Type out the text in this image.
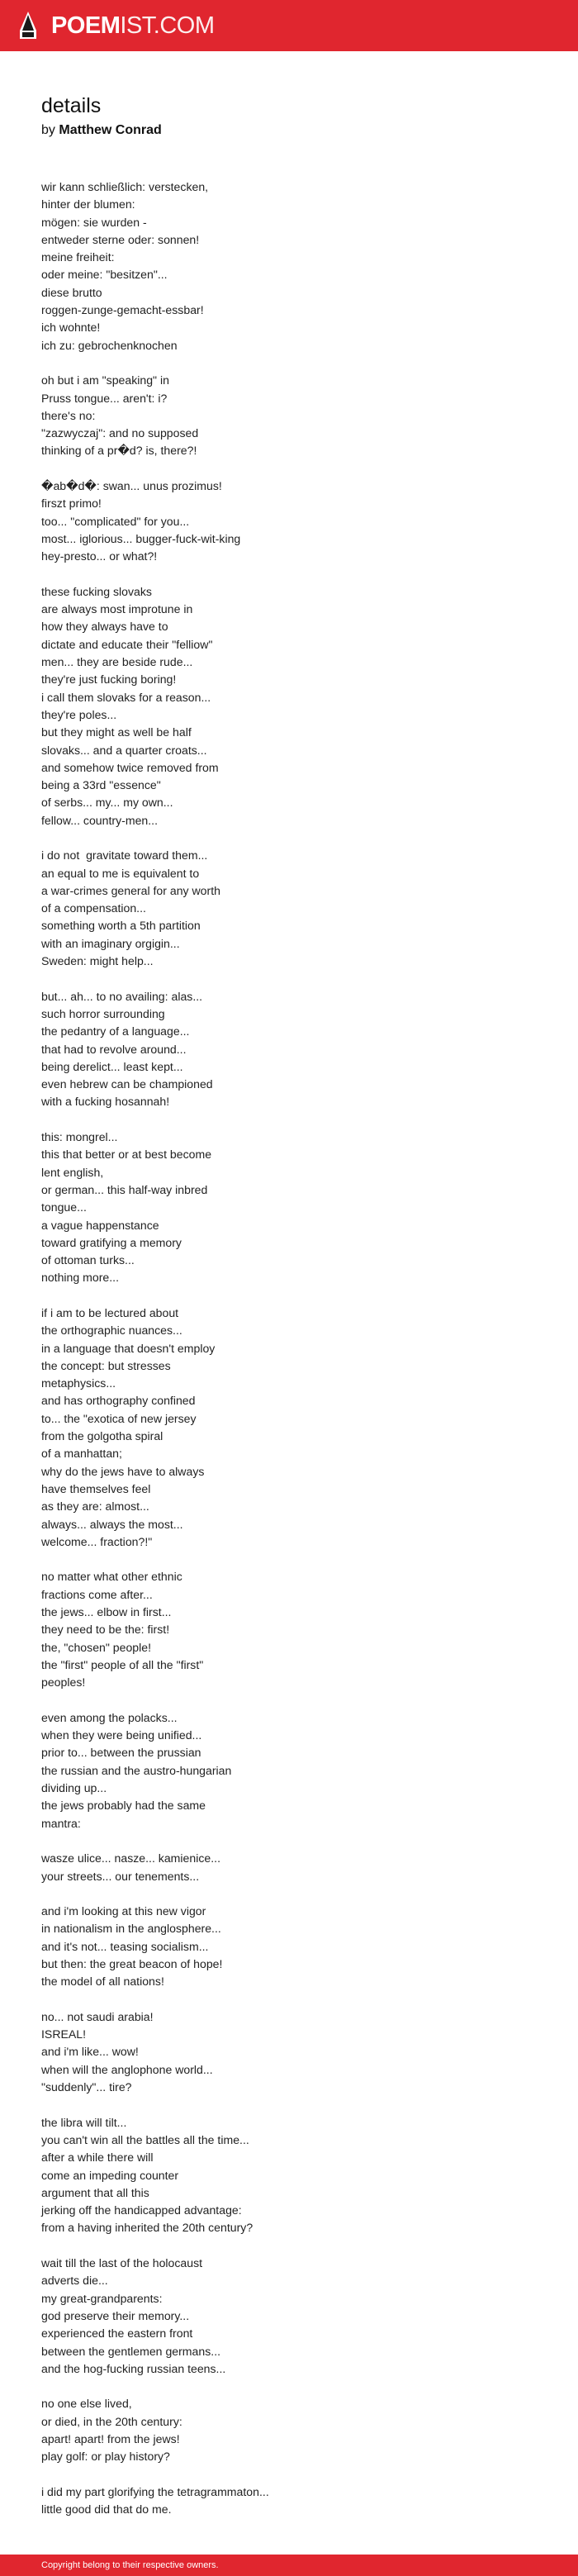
POEMIST.COM
details
by Matthew Conrad
wir kann schließlich: verstecken,
hinter der blumen:
mögen: sie wurden -
entweder sterne oder: sonnen!
meine freiheit:
oder meine: "besitzen"...
diese brutto
roggen-zunge-gemacht-essbar!
ich wohnte!
ich zu: gebrochenknochen
oh but i am "speaking" in
Pruss tongue... aren't: i?
there's no:
"zazwyczaj": and no supposed
thinking of a pr�d? is, there?!
�ab�d�: swan... unus prozimus!
firszt primo!
too... "complicated" for you...
most... iglorious... bugger-fuck-wit-king
hey-presto... or what?!
these fucking slovaks
are always most improtune in
how they always have to
dictate and educate their "felliow"
men... they are beside rude...
they're just fucking boring!
i call them slovaks for a reason...
they're poles...
but they might as well be half
slovaks... and a quarter croats...
and somehow twice removed from
being a 33rd "essence"
of serbs... my... my own...
fellow... country-men...
i do not  gravitate toward them...
an equal to me is equivalent to
a war-crimes general for any worth
of a compensation...
something worth a 5th partition
with an imaginary orgigin...
Sweden: might help...
but... ah... to no availing: alas...
such horror surrounding
the pedantry of a language...
that had to revolve around...
being derelict... least kept...
even hebrew can be championed
with a fucking hosannah!
this: mongrel...
this that better or at best become
lent english,
or german... this half-way inbred
tongue...
a vague happenstance
toward gratifying a memory
of ottoman turks...
nothing more...
if i am to be lectured about
the orthographic nuances...
in a language that doesn't employ
the concept: but stresses
metaphysics...
and has orthography confined
to... the "exotica of new jersey
from the golgotha spiral
of a manhattan;
why do the jews have to always
have themselves feel
as they are: almost...
always... always the most...
welcome... fraction?!"
no matter what other ethnic
fractions come after...
the jews... elbow in first...
they need to be the: first!
the, "chosen" people!
the "first" people of all the "first"
peoples!
even among the polacks...
when they were being unified...
prior to... between the prussian
the russian and the austro-hungarian
dividing up...
the jews probably had the same
mantra:
wasze ulice... nasze... kamienice...
your streets... our tenements...
and i'm looking at this new vigor
in nationalism in the anglosphere...
and it's not... teasing socialism...
but then: the great beacon of hope!
the model of all nations!
no... not saudi arabia!
ISREAL!
and i'm like... wow!
when will the anglophone world...
"suddenly"... tire?
the libra will tilt...
you can't win all the battles all the time...
after a while there will
come an impeding counter
argument that all this
jerking off the handicapped advantage:
from a having inherited the 20th century?
wait till the last of the holocaust
adverts die...
my great-grandparents:
god preserve their memory...
experienced the eastern front
between the gentlemen germans...
and the hog-fucking russian teens...
no one else lived,
or died, in the 20th century:
apart! apart! from the jews!
play golf: or play history?
i did my part glorifying the tetragrammaton...
little good did that do me.
Copyright belong to their respective owners.
